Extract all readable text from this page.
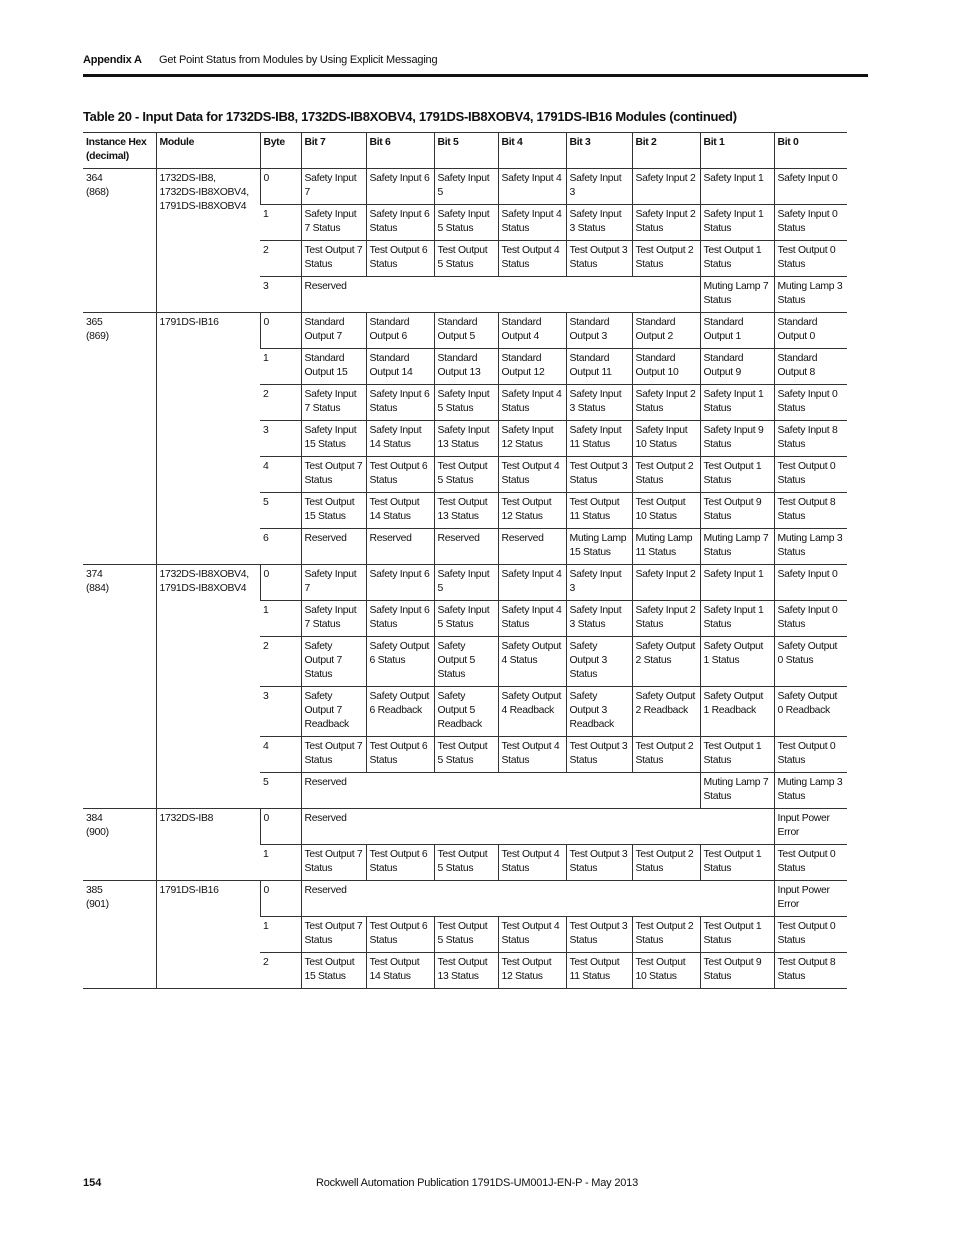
Appendix A Get Point Status from Modules by Using Explicit Messaging
Table 20 - Input Data for 1732DS-IB8, 1732DS-IB8XOBV4, 1791DS-IB8XOBV4, 1791DS-IB16 Modules (continued)
Instance Hex (decimal)	Module	Byte	Bit 7	Bit 6	Bit 5	Bit 4	Bit 3	Bit 2	Bit 1	Bit 0
364
(868)	1732DS-IB8, 1732DS-IB8XOBV4, 1791DS-IB8XOBV4	0	Safety Input 7	Safety Input 6	Safety Input 5	Safety Input 4	Safety Input 3	Safety Input 2	Safety Input 1	Safety Input 0
		1	Safety Input 7 Status	Safety Input 6 Status	Safety Input 5 Status	Safety Input 4 Status	Safety Input 3 Status	Safety Input 2 Status	Safety Input 1 Status	Safety Input 0 Status
		2	Test Output 7 Status	Test Output 6 Status	Test Output 5 Status	Test Output 4 Status	Test Output 3 Status	Test Output 2 Status	Test Output 1 Status	Test Output 0 Status
		3	Reserved						Muting Lamp 7 Status	Muting Lamp 3 Status
365
(869)	1791DS-IB16	0	Standard Output 7	Standard Output 6	Standard Output 5	Standard Output 4	Standard Output 3	Standard Output 2	Standard Output 1	Standard Output 0
		1	Standard Output 15	Standard Output 14	Standard Output 13	Standard Output 12	Standard Output 11	Standard Output 10	Standard Output 9	Standard Output 8
		2	Safety Input 7 Status	Safety Input 6 Status	Safety Input 5 Status	Safety Input 4 Status	Safety Input 3 Status	Safety Input 2 Status	Safety Input 1 Status	Safety Input 0 Status
		3	Safety Input 15 Status	Safety Input 14 Status	Safety Input 13 Status	Safety Input 12 Status	Safety Input 11 Status	Safety Input 10 Status	Safety Input 9 Status	Safety Input 8 Status
		4	Test Output 7 Status	Test Output 6 Status	Test Output 5 Status	Test Output 4 Status	Test Output 3 Status	Test Output 2 Status	Test Output 1 Status	Test Output 0 Status
		5	Test Output 15 Status	Test Output 14 Status	Test Output 13 Status	Test Output 12 Status	Test Output 11 Status	Test Output 10 Status	Test Output 9 Status	Test Output 8 Status
		6	Reserved	Reserved	Reserved	Reserved	Muting Lamp 15 Status	Muting Lamp 11 Status	Muting Lamp 7 Status	Muting Lamp 3 Status
374
(884)	1732DS-IB8XOBV4, 1791DS-IB8XOBV4	0	Safety Input 7	Safety Input 6	Safety Input 5	Safety Input 4	Safety Input 3	Safety Input 2	Safety Input 1	Safety Input 0
		1	Safety Input 7 Status	Safety Input 6 Status	Safety Input 5 Status	Safety Input 4 Status	Safety Input 3 Status	Safety Input 2 Status	Safety Input 1 Status	Safety Input 0 Status
		2	Safety Output 7 Status	Safety Output 6 Status	Safety Output 5 Status	Safety Output 4 Status	Safety Output 3 Status	Safety Output 2 Status	Safety Output 1 Status	Safety Output 0 Status
		3	Safety Output 7 Readback	Safety Output 6 Readback	Safety Output 5 Readback	Safety Output 4 Readback	Safety Output 3 Readback	Safety Output 2 Readback	Safety Output 1 Readback	Safety Output 0 Readback
		4	Test Output 7 Status	Test Output 6 Status	Test Output 5 Status	Test Output 4 Status	Test Output 3 Status	Test Output 2 Status	Test Output 1 Status	Test Output 0 Status
		5	Reserved						Muting Lamp 7 Status	Muting Lamp 3 Status
384
(900)	1732DS-IB8	0	Reserved							Input Power Error
		1	Test Output 7 Status	Test Output 6 Status	Test Output 5 Status	Test Output 4 Status	Test Output 3 Status	Test Output 2 Status	Test Output 1 Status	Test Output 0 Status
385
(901)	1791DS-IB16	0	Reserved							Input Power Error
		1	Test Output 7 Status	Test Output 6 Status	Test Output 5 Status	Test Output 4 Status	Test Output 3 Status	Test Output 2 Status	Test Output 1 Status	Test Output 0 Status
		2	Test Output 15 Status	Test Output 14 Status	Test Output 13 Status	Test Output 12 Status	Test Output 11 Status	Test Output 10 Status	Test Output 9 Status	Test Output 8 Status
154	Rockwell Automation Publication 1791DS-UM001J-EN-P - May 2013
